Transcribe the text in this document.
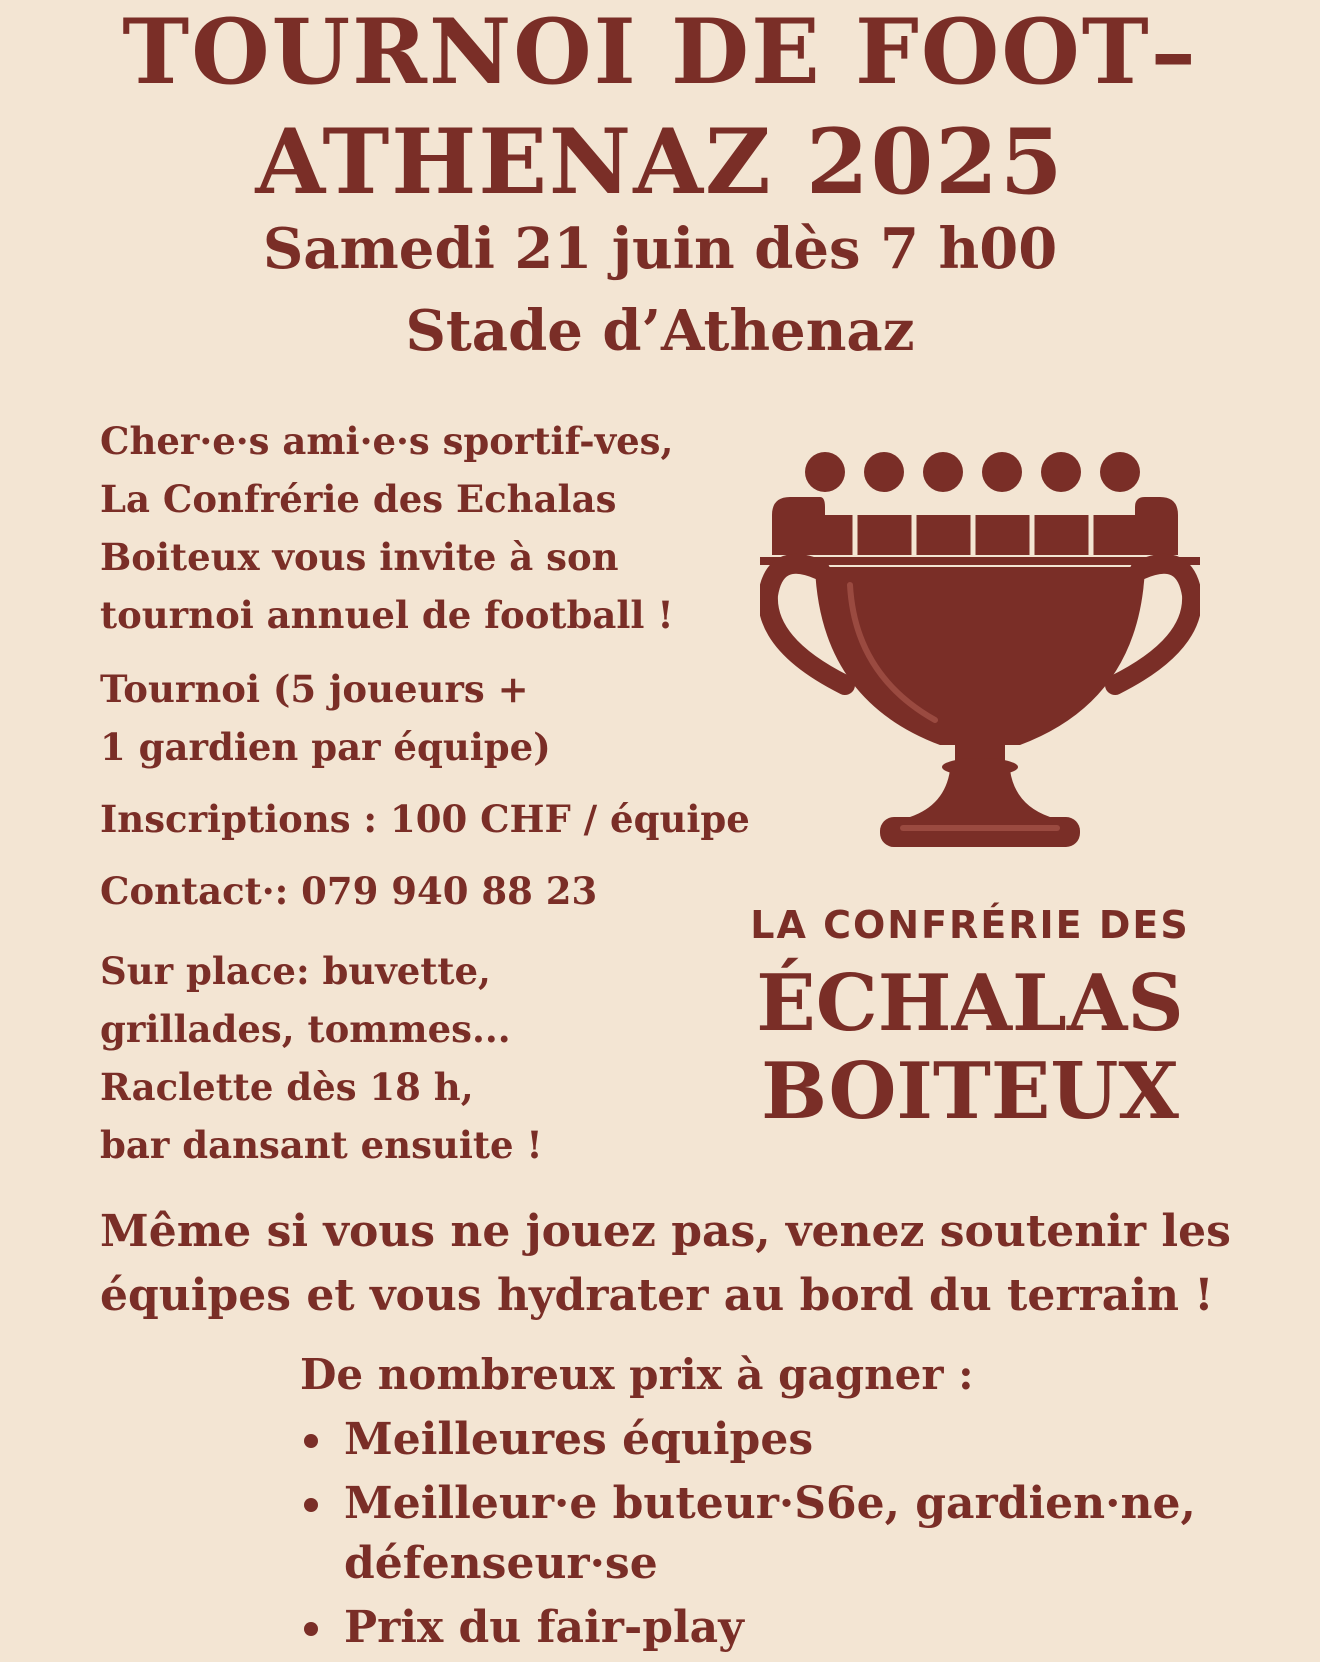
TOURNOI DE FOOT–
ATHENAZ 2025
Samedi 21 juin dès 7 h00
Stade d’Athenaz
Cher·e·s ami·e·s sportif-ves,
La Confrérie des Echalas
Boiteux vous invite à son
tournoi annuel de football !
Tournoi (5 joueurs +
1 gardien par équipe)
Inscriptions : 100 CHF / équipe
Contact·: 079 940 88 23
Sur place: buvette,
grillades, tommes...
Raclette dès 18 h,
bar dansant ensuite !
LA CONFRÉRIE DES
ÉCHALAS
BOITEUX
Même si vous ne jouez pas, venez soutenir les
équipes et vous hydrater au bord du terrain !
De nombreux prix à gagner :
Meilleures équipes
Meilleur·e buteur·S6e, gardien·ne,
défenseur·se
Prix du fair-play
